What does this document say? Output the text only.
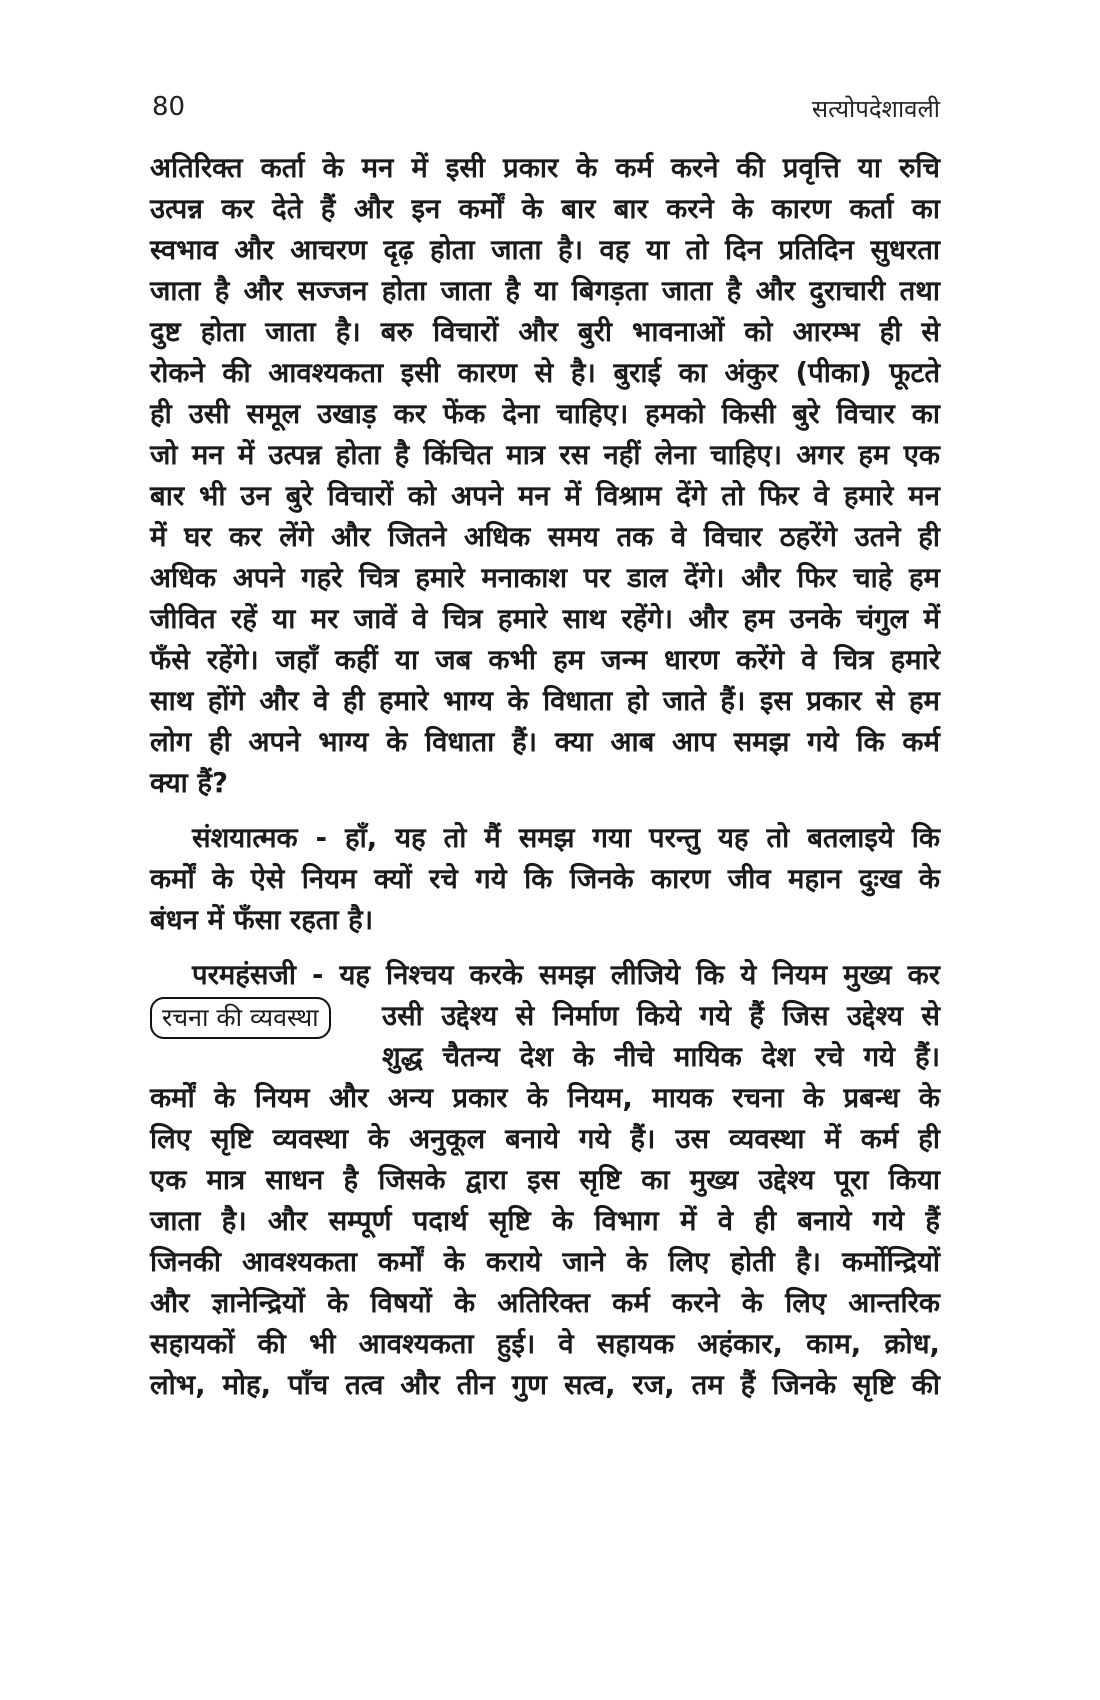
80	सत्योपदेशावली
अतिरिक्त कर्ता के मन में इसी प्रकार के कर्म करने की प्रवृत्ति या रुचि
उत्पन्न कर देते हैं और इन कर्मों के बार बार करने के कारण कर्ता का
स्वभाव और आचरण दृढ़ होता जाता है। वह या तो दिन प्रतिदिन सुधरता
जाता है और सज्जन होता जाता है या बिगड़ता जाता है और दुराचारी तथा
दुष्ट होता जाता है। बरु विचारों और बुरी भावनाओं को आरम्भ ही से
रोकने की आवश्यकता इसी कारण से है। बुराई का अंकुर (पीका) फूटते
ही उसी समूल उखाड़ कर फेंक देना चाहिए। हमको किसी बुरे विचार का
जो मन में उत्पन्न होता है किंचित मात्र रस नहीं लेना चाहिए। अगर हम एक
बार भी उन बुरे विचारों को अपने मन में विश्राम देंगे तो फिर वे हमारे मन
में घर कर लेंगे और जितने अधिक समय तक वे विचार ठहरेंगे उतने ही
अधिक अपने गहरे चित्र हमारे मनाकाश पर डाल देंगे। और फिर चाहे हम
जीवित रहें या मर जावें वे चित्र हमारे साथ रहेंगे। और हम उनके चंगुल में
फँसे रहेंगे। जहाँ कहीं या जब कभी हम जन्म धारण करेंगे वे चित्र हमारे
साथ होंगे और वे ही हमारे भाग्य के विधाता हो जाते हैं। इस प्रकार से हम
लोग ही अपने भाग्य के विधाता हैं। क्या आब आप समझ गये कि कर्म
क्या हैं?
संशयात्मक - हाँ, यह तो मैं समझ गया परन्तु यह तो बतलाइये कि
कर्मों के ऐसे नियम क्यों रचे गये कि जिनके कारण जीव महान दुःख के
बंधन में फँसा रहता है।
परमहंसजी - यह निश्चय करके समझ लीजिये कि ये नियम मुख्य कर
रचना की व्यवस्था	उसी उद्देश्य से निर्माण किये गये हैं जिस उद्देश्य से
शुद्ध चैतन्य देश के नीचे मायिक देश रचे गये हैं।
कर्मों के नियम और अन्य प्रकार के नियम, मायक रचना के प्रबन्ध के
लिए सृष्टि व्यवस्था के अनुकूल बनाये गये हैं। उस व्यवस्था में कर्म ही
एक मात्र साधन है जिसके द्वारा इस सृष्टि का मुख्य उद्देश्य पूरा किया
जाता है। और सम्पूर्ण पदार्थ सृष्टि के विभाग में वे ही बनाये गये हैं
जिनकी आवश्यकता कर्मों के कराये जाने के लिए होती है। कर्मोन्द्रियों
और ज्ञानेन्द्रियों के विषयों के अतिरिक्त कर्म करने के लिए आन्तरिक
सहायकों की भी आवश्यकता हुई। वे सहायक अहंकार, काम, क्रोध,
लोभ, मोह, पाँच तत्व और तीन गुण सत्व, रज, तम हैं जिनके सृष्टि की
